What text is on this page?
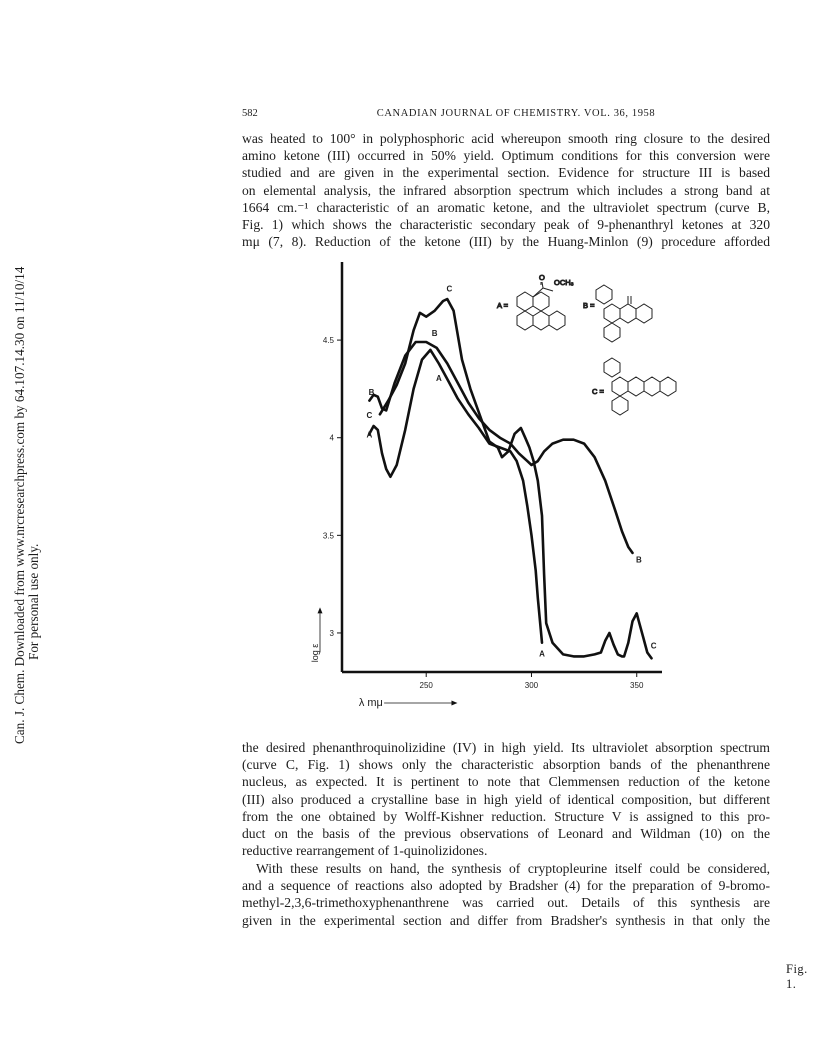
582	CANADIAN JOURNAL OF CHEMISTRY. VOL. 36, 1958
Can. J. Chem. Downloaded from www.nrcresearchpress.com by 64.107.14.30 on 11/10/14 For personal use only.
was heated to 100° in polyphosphoric acid whereupon smooth ring closure to the desired
amino ketone (III) occurred in 50% yield. Optimum conditions for this conversion were
studied and are given in the experimental section. Evidence for structure III is based
on elemental analysis, the infrared absorption spectrum which includes a strong band at
1664 cm.⁻¹ characteristic of an aromatic ketone, and the ultraviolet spectrum (curve B,
Fig. 1) which shows the characteristic secondary peak of 9-phenanthryl ketones at 320
mμ (7, 8). Reduction of the ketone (III) by the Huang-Minlon (9) procedure afforded
250	300	350
3
3.5
4
4.5
λ mμ
log ε
A
A
A
B
B
B
C
C
C
A =
O
OCH₃
B =
C =
Fig. 1.
the desired phenanthroquinolizidine (IV) in high yield. Its ultraviolet absorption spectrum
(curve C, Fig. 1) shows only the characteristic absorption bands of the phenanthrene
nucleus, as expected. It is pertinent to note that Clemmensen reduction of the ketone
(III) also produced a crystalline base in high yield of identical composition, but different
from the one obtained by Wolff-Kishner reduction. Structure V is assigned to this pro-
duct on the basis of the previous observations of Leonard and Wildman (10) on the
reductive rearrangement of 1-quinolizidones.
With these results on hand, the synthesis of cryptopleurine itself could be considered,
and a sequence of reactions also adopted by Bradsher (4) for the preparation of 9-bromo-
methyl-2,3,6-trimethoxyphenanthrene was carried out. Details of this synthesis are
given in the experimental section and differ from Bradsher's synthesis in that only the
